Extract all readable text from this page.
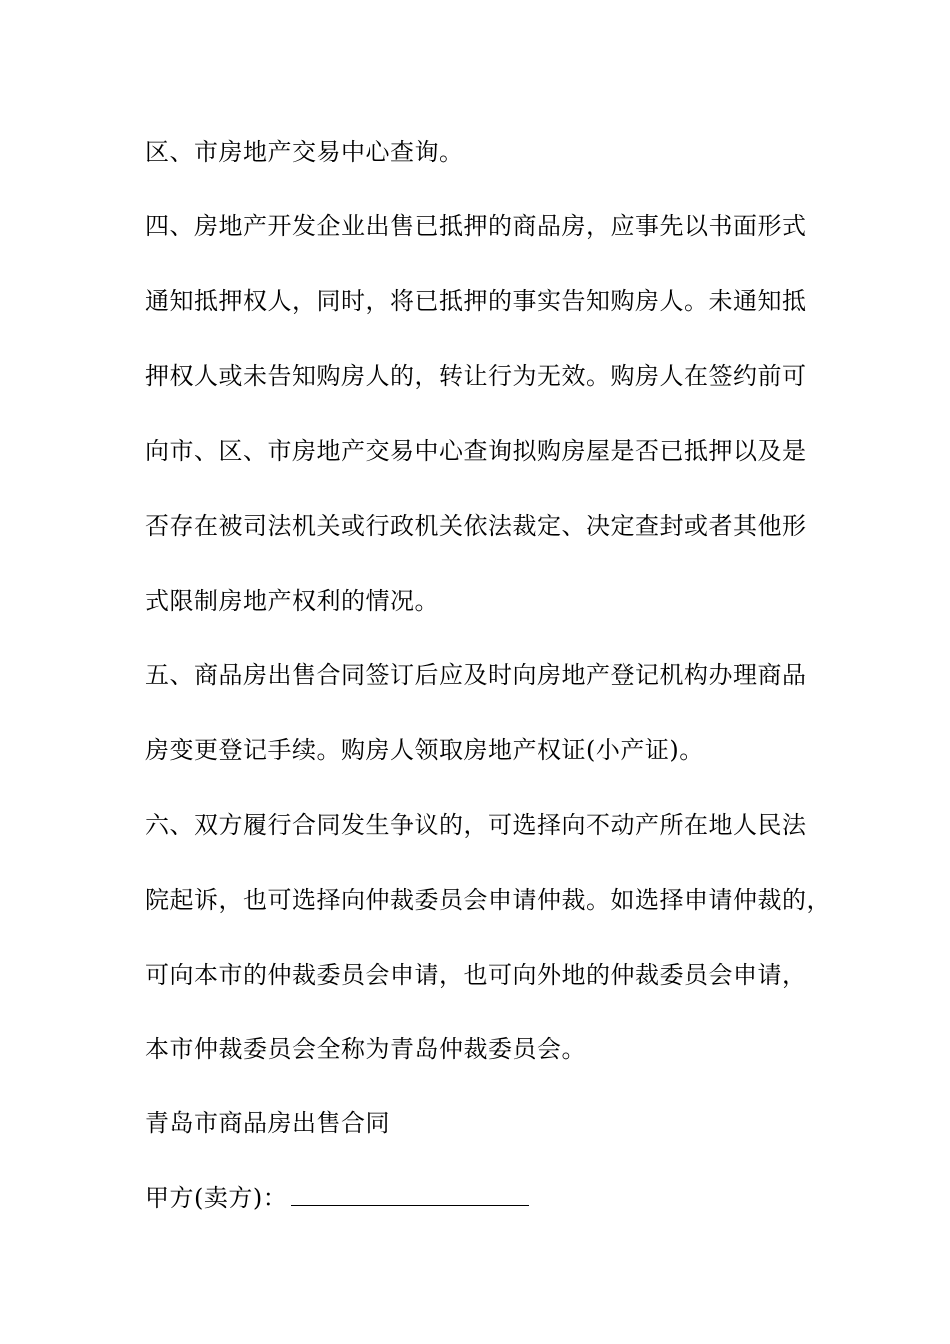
区、市房地产交易中心查询。
四、房地产开发企业出售已抵押的商品房，应事先以书面形式
通知抵押权人，同时，将已抵押的事实告知购房人。未通知抵
押权人或未告知购房人的，转让行为无效。购房人在签约前可
向市、区、市房地产交易中心查询拟购房屋是否已抵押以及是
否存在被司法机关或行政机关依法裁定、决定查封或者其他形
式限制房地产权利的情况。
五、商品房出售合同签订后应及时向房地产登记机构办理商品
房变更登记手续。购房人领取房地产权证(小产证)。
六、双方履行合同发生争议的，可选择向不动产所在地人民法
院起诉，也可选择向仲裁委员会申请仲裁。如选择申请仲裁的，
可向本市的仲裁委员会申请，也可向外地的仲裁委员会申请，
本市仲裁委员会全称为青岛仲裁委员会。
青岛市商品房出售合同
甲方(卖方)：
